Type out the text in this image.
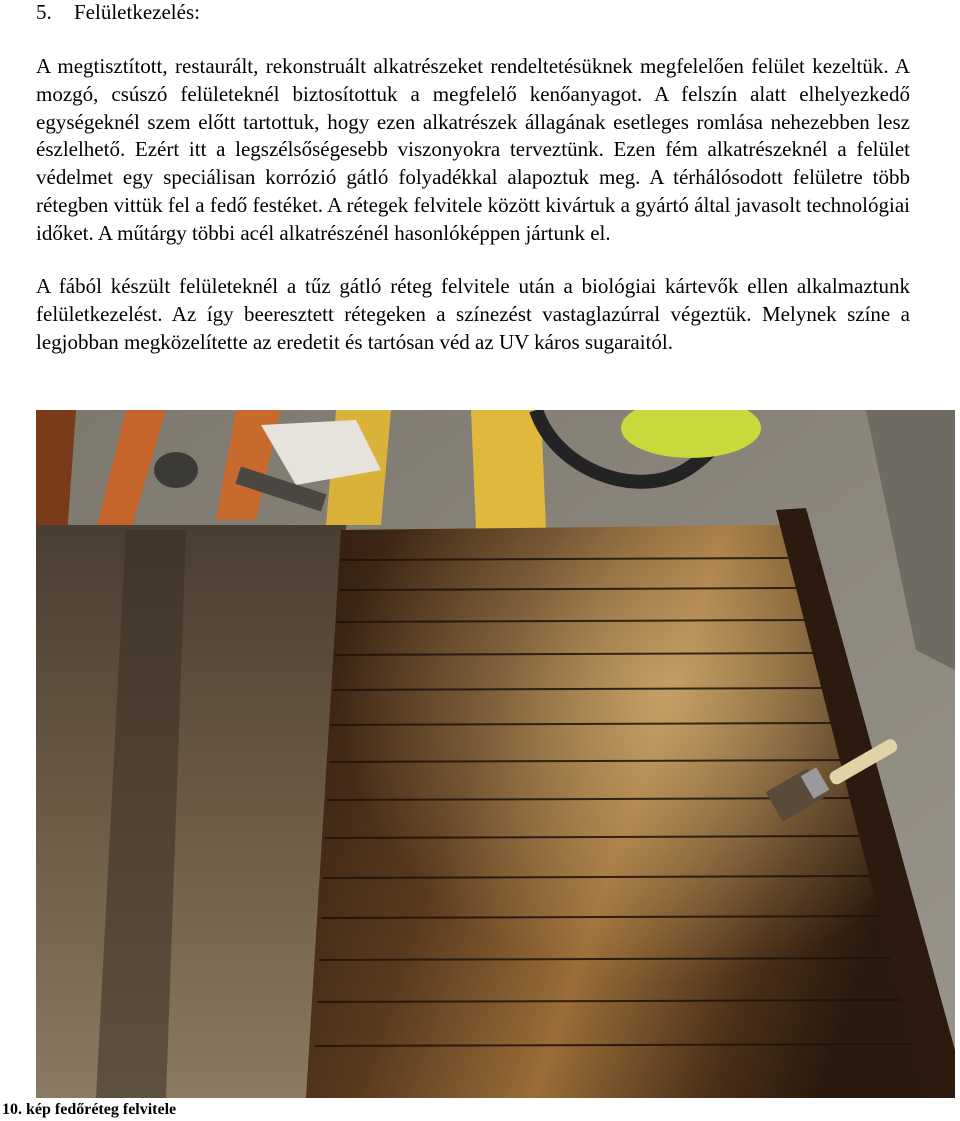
5. Felületkezelés:

A megtisztított, restaurált, rekonstruált alkatrészeket rendeltetésüknek megfelelően felület kezeltük. A mozgó, csúszó felületeknél biztosítottuk a megfelelő kenőanyagot. A felszín alatt elhelyezkedő egységeknél szem előtt tartottuk, hogy ezen alkatrészek állagának esetleges romlása nehezebben lesz észlelhető. Ezért itt a legszélsőségesebb viszonyokra terveztünk. Ezen fém alkatrészeknél a felület védelmet egy speciálisan korrózió gátló folyadékkal alapoztuk meg. A térhálósodott felületre több rétegben vittük fel a fedő festéket. A rétegek felvitele között kivártuk a gyártó által javasolt technológiai időket. A műtárgy többi acél alkatrészénél hasonlóképpen jártunk el.

A fából készült felületeknél a tűz gátló réteg felvitele után a biológiai kártevők ellen alkalmaztunk felületkezelést. Az így beeresztett rétegeken a színezést vastaglazúrral végeztük. Melynek színe a legjobban megközelítette az eredetit és tartósan véd az UV káros sugaraitól.

10. kép fedőréteg felvitele
